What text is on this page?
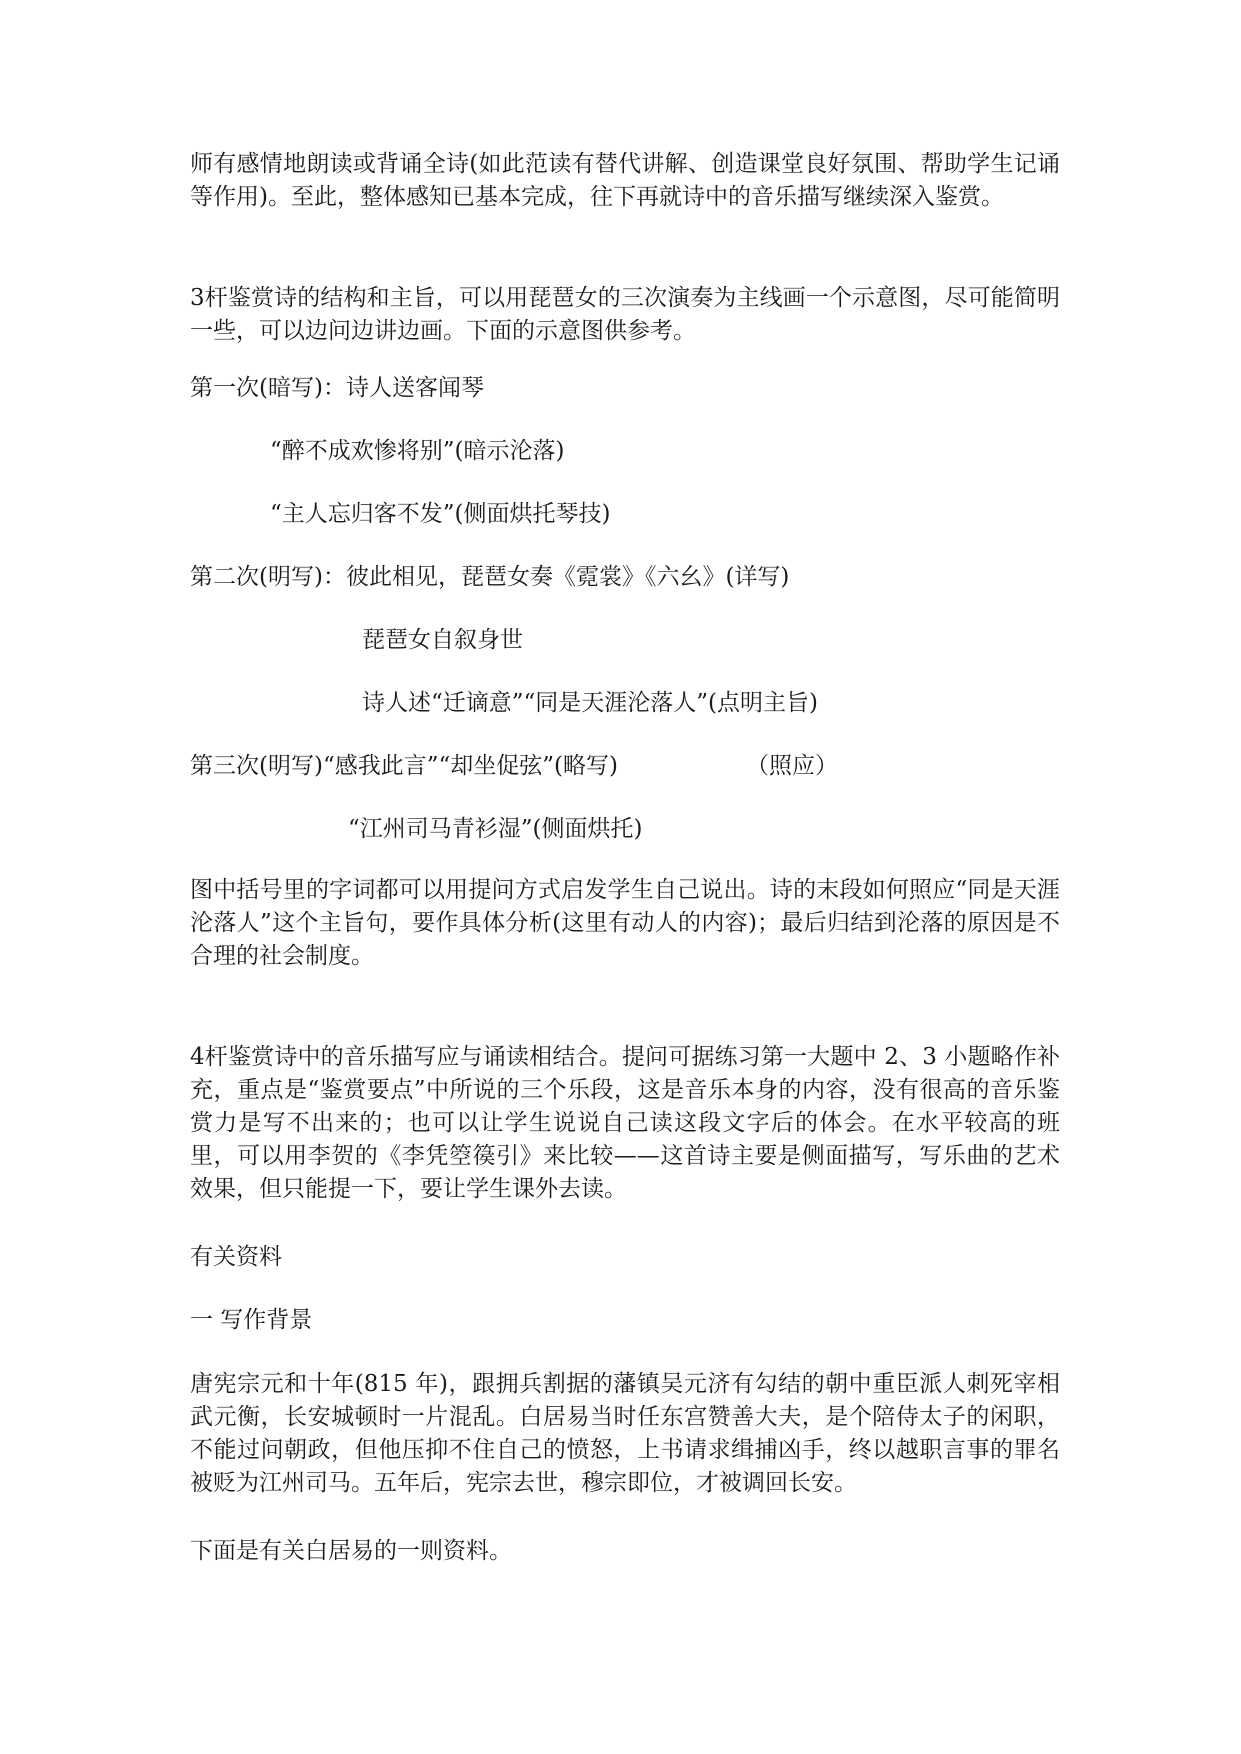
师有感情地朗读或背诵全诗(如此范读有替代讲解、创造课堂良好氛围、帮助学生记诵等作用)。至此，整体感知已基本完成，往下再就诗中的音乐描写继续深入鉴赏。

3杆鉴赏诗的结构和主旨，可以用琵琶女的三次演奏为主线画一个示意图，尽可能简明一些，可以边问边讲边画。下面的示意图供参考。

第一次(暗写)：诗人送客闻琴

“醉不成欢惨将别”(暗示沦落)

“主人忘归客不发”(侧面烘托琴技)

第二次(明写)：彼此相见，琵琶女奏《霓裳》《六幺》(详写)

琵琶女自叙身世

诗人述“迁谪意”“同是天涯沦落人”(点明主旨)

第三次(明写)“感我此言”“却坐促弦”(略写)	（照应）

“江州司马青衫湿”(侧面烘托)

图中括号里的字词都可以用提问方式启发学生自己说出。诗的末段如何照应“同是天涯沦落人”这个主旨句，要作具体分析(这里有动人的内容)；最后归结到沦落的原因是不合理的社会制度。

4杆鉴赏诗中的音乐描写应与诵读相结合。提问可据练习第一大题中 2、3 小题略作补充，重点是“鉴赏要点”中所说的三个乐段，这是音乐本身的内容，没有很高的音乐鉴赏力是写不出来的；也可以让学生说说自己读这段文字后的体会。在水平较高的班里，可以用李贺的《李凭箜篌引》来比较——这首诗主要是侧面描写，写乐曲的艺术效果，但只能提一下，要让学生课外去读。

有关资料

一 写作背景

唐宪宗元和十年(815 年)，跟拥兵割据的藩镇吴元济有勾结的朝中重臣派人刺死宰相武元衡，长安城顿时一片混乱。白居易当时任东宫赞善大夫，是个陪侍太子的闲职，不能过问朝政，但他压抑不住自己的愤怒，上书请求缉捕凶手，终以越职言事的罪名被贬为江州司马。五年后，宪宗去世，穆宗即位，才被调回长安。

下面是有关白居易的一则资料。
